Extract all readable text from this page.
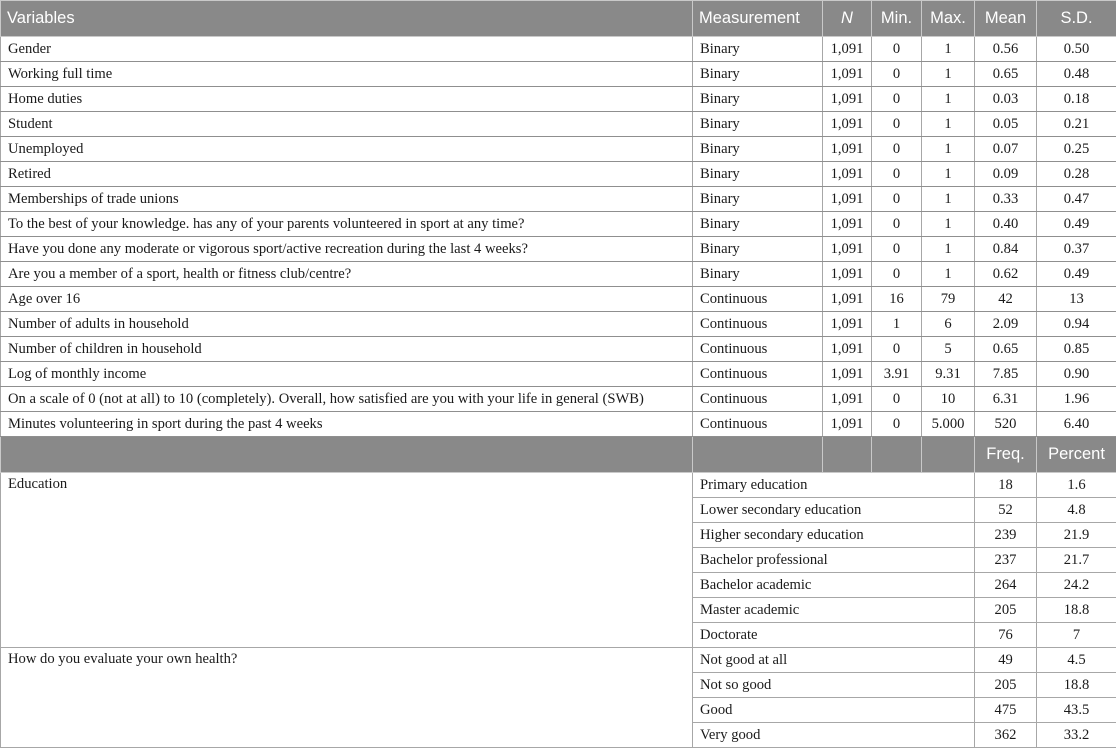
Variables	Measurement	N	Min.	Max.	Mean	S.D.
Gender	Binary	1,091	0	1	0.56	0.50
Working full time	Binary	1,091	0	1	0.65	0.48
Home duties	Binary	1,091	0	1	0.03	0.18
Student	Binary	1,091	0	1	0.05	0.21
Unemployed	Binary	1,091	0	1	0.07	0.25
Retired	Binary	1,091	0	1	0.09	0.28
Memberships of trade unions	Binary	1,091	0	1	0.33	0.47
To the best of your knowledge. has any of your parents volunteered in sport at any time?	Binary	1,091	0	1	0.40	0.49
Have you done any moderate or vigorous sport/active recreation during the last 4 weeks?	Binary	1,091	0	1	0.84	0.37
Are you a member of a sport, health or fitness club/centre?	Binary	1,091	0	1	0.62	0.49
Age over 16	Continuous	1,091	16	79	42	13
Number of adults in household	Continuous	1,091	1	6	2.09	0.94
Number of children in household	Continuous	1,091	0	5	0.65	0.85
Log of monthly income	Continuous	1,091	3.91	9.31	7.85	0.90
On a scale of 0 (not at all) to 10 (completely). Overall, how satisfied are you with your life in general (SWB)	Continuous	1,091	0	10	6.31	1.96
Minutes volunteering in sport during the past 4 weeks	Continuous	1,091	0	5.000	520	6.40
					Freq.	Percent
Education	Primary education				18	1.6
	Lower secondary education				52	4.8
	Higher secondary education				239	21.9
	Bachelor professional				237	21.7
	Bachelor academic				264	24.2
	Master academic				205	18.8
	Doctorate				76	7
How do you evaluate your own health?	Not good at all				49	4.5
	Not so good				205	18.8
	Good				475	43.5
	Very good				362	33.2
